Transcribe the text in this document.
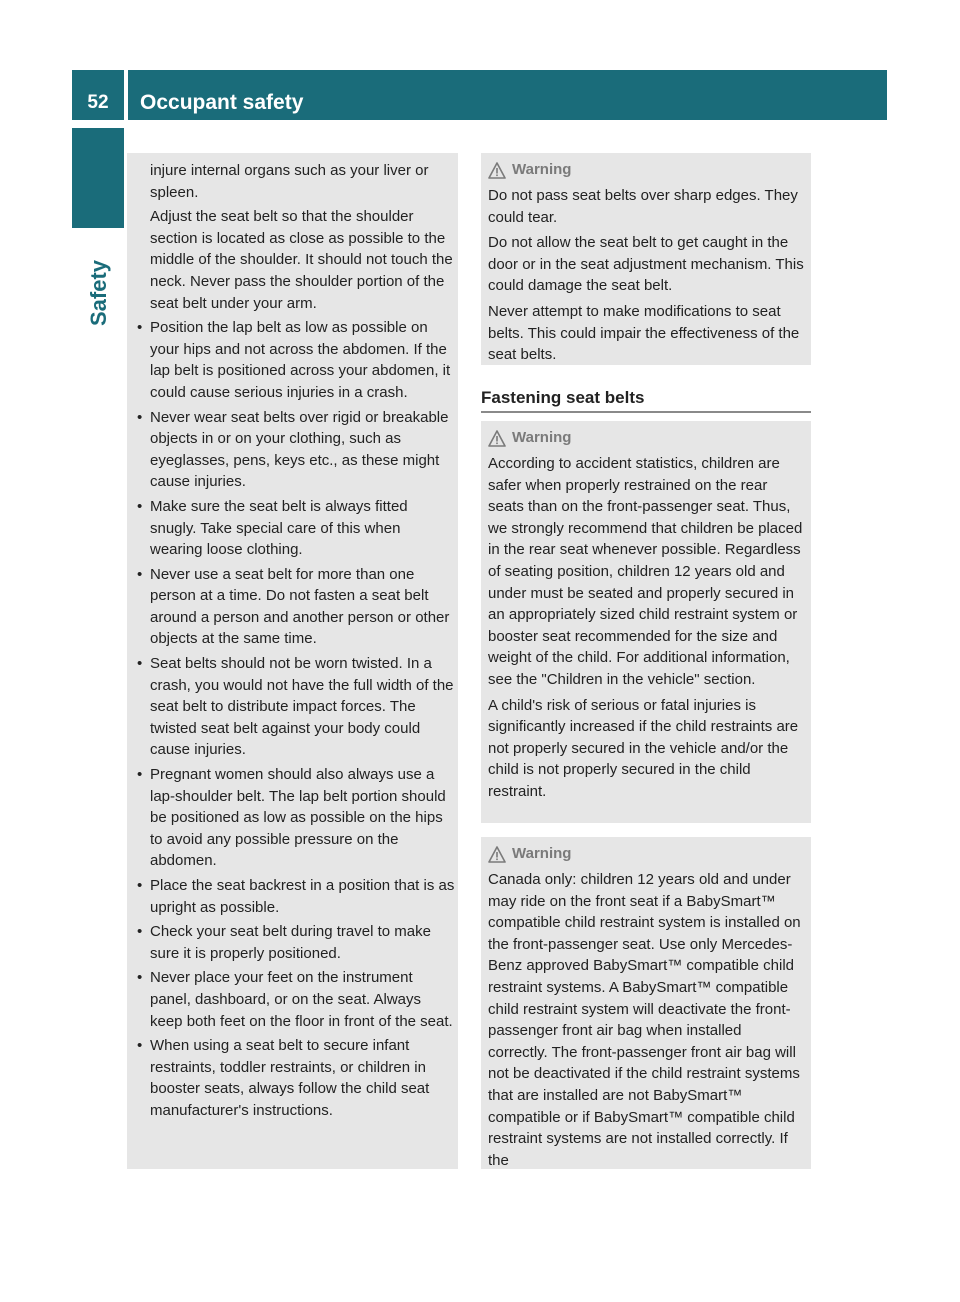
52	Occupant safety
Safety

injure internal organs such as your liver or spleen.

Adjust the seat belt so that the shoulder section is located as close as possible to the middle of the shoulder. It should not touch the neck. Never pass the shoulder portion of the seat belt under your arm.

• Position the lap belt as low as possible on your hips and not across the abdomen. If the lap belt is positioned across your abdomen, it could cause serious injuries in a crash.
• Never wear seat belts over rigid or breakable objects in or on your clothing, such as eyeglasses, pens, keys etc., as these might cause injuries.
• Make sure the seat belt is always fitted snugly. Take special care of this when wearing loose clothing.
• Never use a seat belt for more than one person at a time. Do not fasten a seat belt around a person and another person or other objects at the same time.
• Seat belts should not be worn twisted. In a crash, you would not have the full width of the seat belt to distribute impact forces. The twisted seat belt against your body could cause injuries.
• Pregnant women should also always use a lap-shoulder belt. The lap belt portion should be positioned as low as possible on the hips to avoid any possible pressure on the abdomen.
• Place the seat backrest in a position that is as upright as possible.
• Check your seat belt during travel to make sure it is properly positioned.
• Never place your feet on the instrument panel, dashboard, or on the seat. Always keep both feet on the floor in front of the seat.
• When using a seat belt to secure infant restraints, toddler restraints, or children in booster seats, always follow the child seat manufacturer's instructions.
Warning

Do not pass seat belts over sharp edges. They could tear.

Do not allow the seat belt to get caught in the door or in the seat adjustment mechanism. This could damage the seat belt.

Never attempt to make modifications to seat belts. This could impair the effectiveness of the seat belts.

Fastening seat belts
Warning

According to accident statistics, children are safer when properly restrained on the rear seats than on the front-passenger seat. Thus, we strongly recommend that children be placed in the rear seat whenever possible. Regardless of seating position, children 12 years old and under must be seated and properly secured in an appropriately sized child restraint system or booster seat recommended for the size and weight of the child. For additional information, see the "Children in the vehicle" section.

A child's risk of serious or fatal injuries is significantly increased if the child restraints are not properly secured in the vehicle and/or the child is not properly secured in the child restraint.

Warning

Canada only: children 12 years old and under may ride on the front seat if a BabySmart™ compatible child restraint system is installed on the front-passenger seat. Use only Mercedes-Benz approved BabySmart™ compatible child restraint systems. A BabySmart™ compatible child restraint system will deactivate the front-passenger front air bag when installed correctly. The front-passenger front air bag will not be deactivated if the child restraint systems that are installed are not BabySmart™ compatible or if BabySmart™ compatible child restraint systems are not installed correctly. If the
